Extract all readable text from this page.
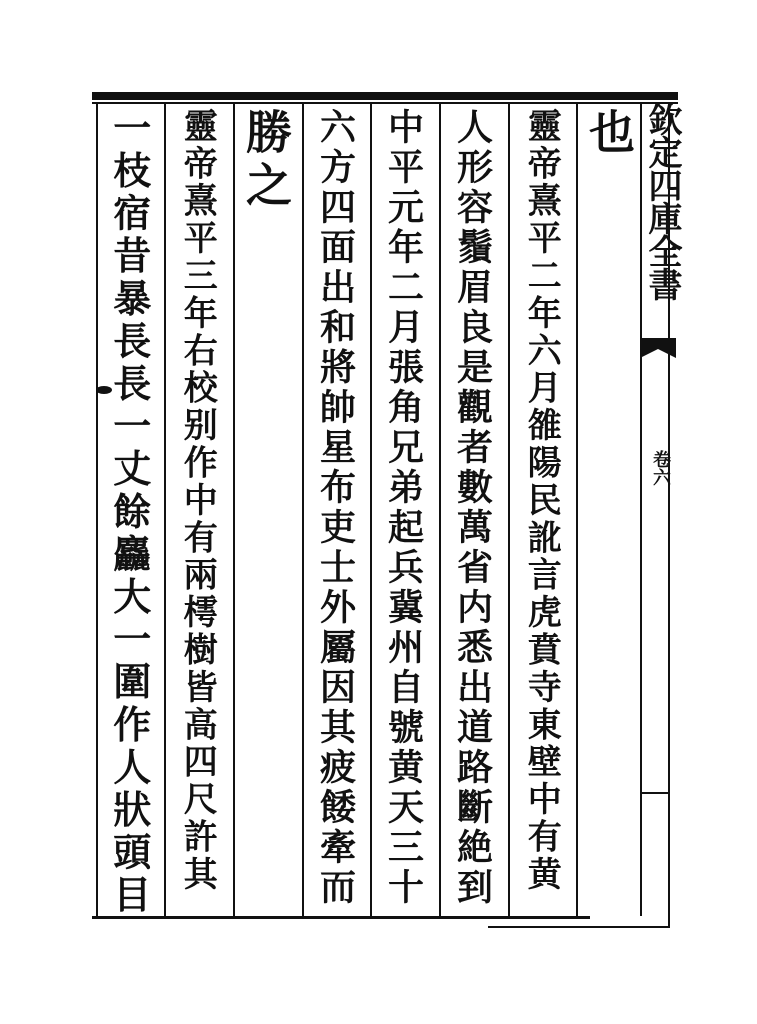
欽定四庫全書
卷六
也
靈帝熹平二年六月雒陽民訛言虎賁寺東壁中有黄
人形容鬚眉良是觀者數萬省内悉出道路斷絶到
中平元年二月張角兄弟起兵冀州自號黄天三十
六方四面出和將帥星布吏士外屬因其疲餧牽而
勝之
靈帝熹平三年右校别作中有兩樗樹皆高四尺許其
一枝宿昔暴長長一丈餘麤大一圍作人狀頭目
